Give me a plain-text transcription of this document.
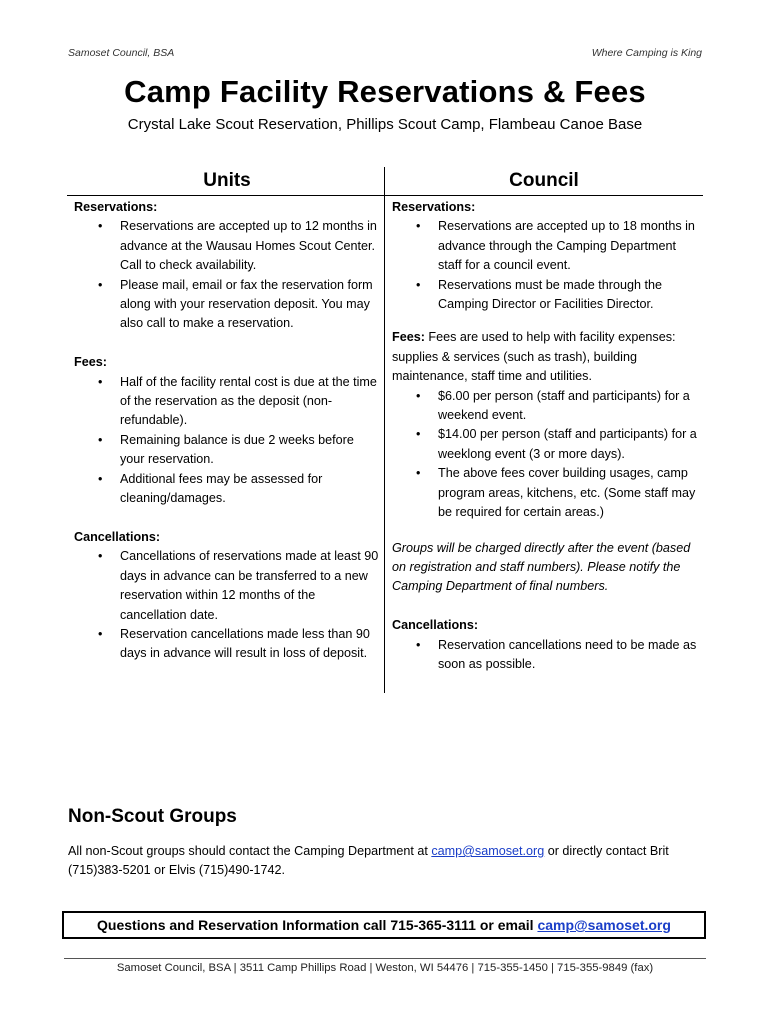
Samoset Council, BSA	Where Camping is King
Camp Facility Reservations & Fees
Crystal Lake Scout Reservation, Phillips Scout Camp, Flambeau Canoe Base
Units	Council
Reservations:
• Reservations are accepted up to 12 months in advance at the Wausau Homes Scout Center. Call to check availability.
• Please mail, email or fax the reservation form along with your reservation deposit. You may also call to make a reservation.
Fees:
• Half of the facility rental cost is due at the time of the reservation as the deposit (non-refundable).
• Remaining balance is due 2 weeks before your reservation.
• Additional fees may be assessed for cleaning/damages.
Cancellations:
• Cancellations of reservations made at least 90 days in advance can be transferred to a new reservation within 12 months of the cancellation date.
• Reservation cancellations made less than 90 days in advance will result in loss of deposit.
Reservations:
• Reservations are accepted up to 18 months in advance through the Camping Department staff for a council event.
• Reservations must be made through the Camping Director or Facilities Director.
Fees: Fees are used to help with facility expenses: supplies & services (such as trash), building maintenance, staff time and utilities.
• $6.00 per person (staff and participants) for a weekend event.
• $14.00 per person (staff and participants) for a weeklong event (3 or more days).
• The above fees cover building usages, camp program areas, kitchens, etc. (Some staff may be required for certain areas.)
Groups will be charged directly after the event (based on registration and staff numbers). Please notify the Camping Department of final numbers.
Cancellations:
• Reservation cancellations need to be made as soon as possible.
Non-Scout Groups
All non-Scout groups should contact the Camping Department at camp@samoset.org or directly contact Brit (715)383-5201 or Elvis (715)490-1742.
Questions and Reservation Information call 715-365-3111 or email camp@samoset.org
Samoset Council, BSA | 3511 Camp Phillips Road | Weston, WI 54476 | 715-355-1450 | 715-355-9849 (fax)
